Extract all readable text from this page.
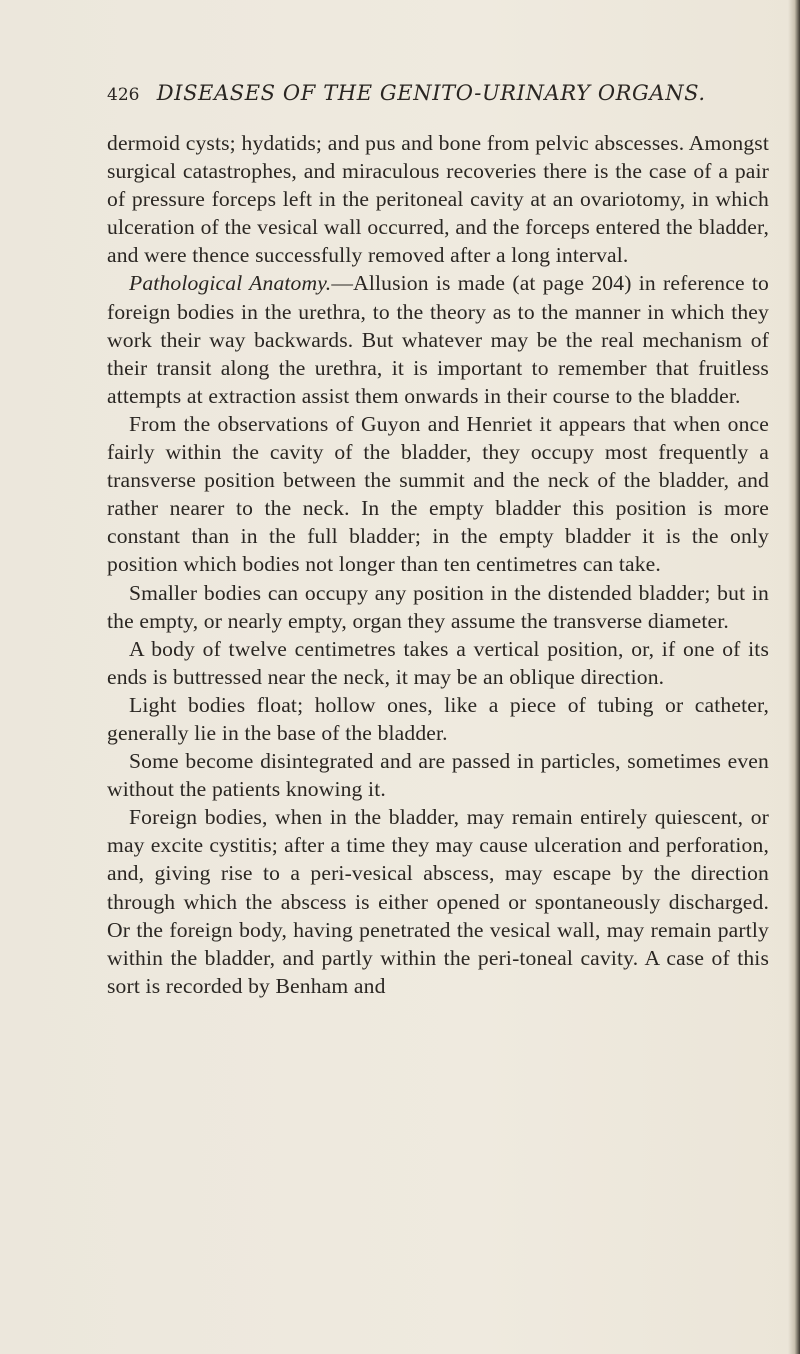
426 DISEASES OF THE GENITO-URINARY ORGANS.

dermoid cysts; hydatids; and pus and bone from pelvic abscesses. Amongst surgical catastrophes, and miraculous recoveries there is the case of a pair of pressure forceps left in the peritoneal cavity at an ovariotomy, in which ulceration of the vesical wall occurred, and the forceps entered the bladder, and were thence successfully removed after a long interval.

Pathological Anatomy.—Allusion is made (at page 204) in reference to foreign bodies in the urethra, to the theory as to the manner in which they work their way backwards. But whatever may be the real mechanism of their transit along the urethra, it is important to remember that fruitless attempts at extraction assist them onwards in their course to the bladder.

From the observations of Guyon and Henriet it appears that when once fairly within the cavity of the bladder, they occupy most frequently a transverse position between the summit and the neck of the bladder, and rather nearer to the neck. In the empty bladder this position is more constant than in the full bladder; in the empty bladder it is the only position which bodies not longer than ten centimetres can take.

Smaller bodies can occupy any position in the distended bladder; but in the empty, or nearly empty, organ they assume the transverse diameter.

A body of twelve centimetres takes a vertical position, or, if one of its ends is buttressed near the neck, it may be an oblique direction.

Light bodies float; hollow ones, like a piece of tubing or catheter, generally lie in the base of the bladder.

Some become disintegrated and are passed in particles, sometimes even without the patients knowing it.

Foreign bodies, when in the bladder, may remain entirely quiescent, or may excite cystitis; after a time they may cause ulceration and perforation, and, giving rise to a peri-vesical abscess, may escape by the direction through which the abscess is either opened or spontaneously discharged. Or the foreign body, having penetrated the vesical wall, may remain partly within the bladder, and partly within the peri-toneal cavity. A case of this sort is recorded by Benham and
